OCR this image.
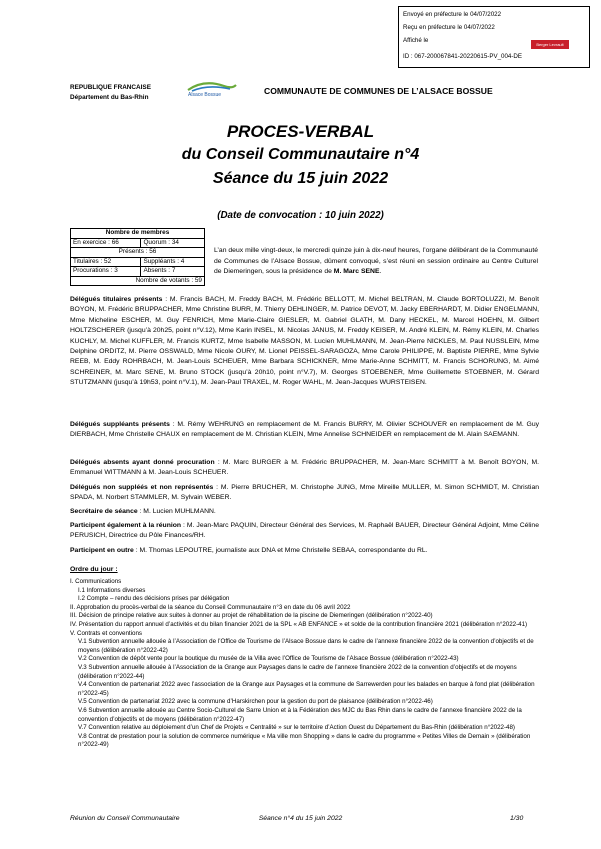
Envoyé en préfecture le 04/07/2022
Reçu en préfecture le 04/07/2022
Affiché le
Berger Levrault
ID : 067-200067841-20220615-PV_004-DE
REPUBLIQUE FRANCAISE
Département du Bas-Rhin	Alsace Bossue	COMMUNAUTE DE COMMUNES DE L’ALSACE BOSSUE
PROCES-VERBAL
du Conseil Communautaire n°4
Séance du 15 juin 2022
(Date de convocation : 10 juin 2022)
Nombre de membres	
En exercice : 66	Quorum : 34
Présents : 56	
Titulaires : 52	Suppléants : 4
Procurations : 3	Absents : 7
Nombre de votants : 59	
L’an deux mille vingt-deux, le mercredi quinze juin à dix-neuf heures, l’organe délibérant de la Communauté de Communes de l’Alsace Bossue, dûment convoqué, s’est réuni en session ordinaire au Centre Culturel de Diemeringen, sous la présidence de M. Marc SENE.
Délégués titulaires présents : M. Francis BACH, M. Freddy BACH, M. Frédéric BELLOTT, M. Michel BELTRAN, M. Claude BORTOLUZZI, M. Benoît BOYON, M. Frédéric BRUPPACHER, Mme Christine BURR, M. Thierry DEHLINGER, M. Patrice DEVOT, M. Jacky EBERHARDT, M. Didier ENGELMANN, Mme Micheline ESCHER, M. Guy FENRICH, Mme Marie-Claire GIESLER, M. Gabriel GLATH, M. Dany HECKEL, M. Marcel HOEHN, M. Gilbert HOLTZSCHERER (jusqu’à 20h25, point n°V.12), Mme Karin INSEL, M. Nicolas JANUS, M. Freddy KEISER, M. André KLEIN, M. Rémy KLEIN, M. Charles KUCHLY, M. Michel KUFFLER, M. Francis KURTZ, Mme Isabelle MASSON, M. Lucien MUHLMANN, M. Jean-Pierre NICKLES, M. Paul NUSSLEIN, Mme Delphine ORDITZ, M. Pierre OSSWALD, Mme Nicole OURY, M. Lionel PEISSEL-SARAGOZA, Mme Carole PHILIPPE, M. Baptiste PIERRE, Mme Sylvie REEB, M. Eddy ROHRBACH, M. Jean-Louis SCHEUER, Mme Barbara SCHICKNER, Mme Marie-Anne SCHMITT, M. Francis SCHORUNG, M. Aimé SCHREINER, M. Marc SENE, M. Bruno STOCK (jusqu’à 20h10, point n°V.7), M. Georges STOEBENER, Mme Guillemette STOEBNER, M. Gérard STUTZMANN (jusqu’à 19h53, point n°V.1), M. Jean-Paul TRAXEL, M. Roger WAHL, M. Jean-Jacques WURSTEISEN.
Délégués suppléants présents : M. Rémy WEHRUNG en remplacement de M. Francis BURRY, M. Olivier SCHOUVER en remplacement de M. Guy DIERBACH, Mme Christelle CHAUX en remplacement de M. Christian KLEIN, Mme Annelise SCHNEIDER en remplacement de M. Alain SAEMANN.
Délégués absents ayant donné procuration : M. Marc BURGER à M. Frédéric BRUPPACHER, M. Jean-Marc SCHMITT à M. Benoît BOYON, M. Emmanuel WITTMANN à M. Jean-Louis SCHEUER.
Délégués non suppléés et non représentés : M. Pierre BRUCHER, M. Christophe JUNG, Mme Mireille MULLER, M. Simon SCHMIDT, M. Christian SPADA, M. Norbert STAMMLER, M. Sylvain WEBER.
Secrétaire de séance : M. Lucien MUHLMANN.
Participent également à la réunion : M. Jean-Marc PAQUIN, Directeur Général des Services, M. Raphaël BAUER, Directeur Général Adjoint, Mme Céline PERUSICH, Directrice du Pôle Finances/RH.
Participent en outre : M. Thomas LEPOUTRE, journaliste aux DNA et Mme Christelle SEBAA, correspondante du RL.
Ordre du jour :
I. Communications
I.1 Informations diverses
I.2 Compte – rendu des décisions prises par délégation
II. Approbation du procès-verbal de la séance du Conseil Communautaire n°3 en date du 06 avril 2022
III. Décision de principe relative aux suites à donner au projet de réhabilitation de la piscine de Diemeringen (délibération n°2022-40)
IV. Présentation du rapport annuel d’activités et du bilan financier 2021 de la SPL « AB ENFANCE » et solde de la contribution financière 2021 (délibération n°2022-41)
V. Contrats et conventions
V.1 Subvention annuelle allouée à l’Association de l’Office de Tourisme de l’Alsace Bossue dans le cadre de l’annexe financière 2022 de la convention d’objectifs et de moyens (délibération n°2022-42)
V.2 Convention de dépôt vente pour la boutique du musée de la Villa avec l’Office de Tourisme de l’Alsace Bossue (délibération n°2022-43)
V.3 Subvention annuelle allouée à l’Association de la Grange aux Paysages dans le cadre de l’annexe financière 2022 de la convention d’objectifs et de moyens (délibération n°2022-44)
V.4 Convention de partenariat 2022 avec l’association de la Grange aux Paysages et la commune de Sarrewerden pour les balades en barque à fond plat (délibération n°2022-45)
V.5 Convention de partenariat 2022 avec la commune d’Harskirchen pour la gestion du port de plaisance (délibération n°2022-46)
V.6 Subvention annuelle allouée au Centre Socio-Culturel de Sarre Union et à la Fédération des MJC du Bas Rhin dans le cadre de l’annexe financière 2022 de la convention d’objectifs et de moyens (délibération n°2022-47)
V.7 Convention relative au déploiement d’un Chef de Projets « Centralité » sur le territoire d’Action Ouest du Département du Bas-Rhin (délibération n°2022-48)
V.8 Contrat de prestation pour la solution de commerce numérique « Ma ville mon Shopping » dans le cadre du programme « Petites Villes de Demain » (délibération n°2022-49)
Réunion du Conseil Communautaire	Séance n°4 du 15 juin 2022	1/30
